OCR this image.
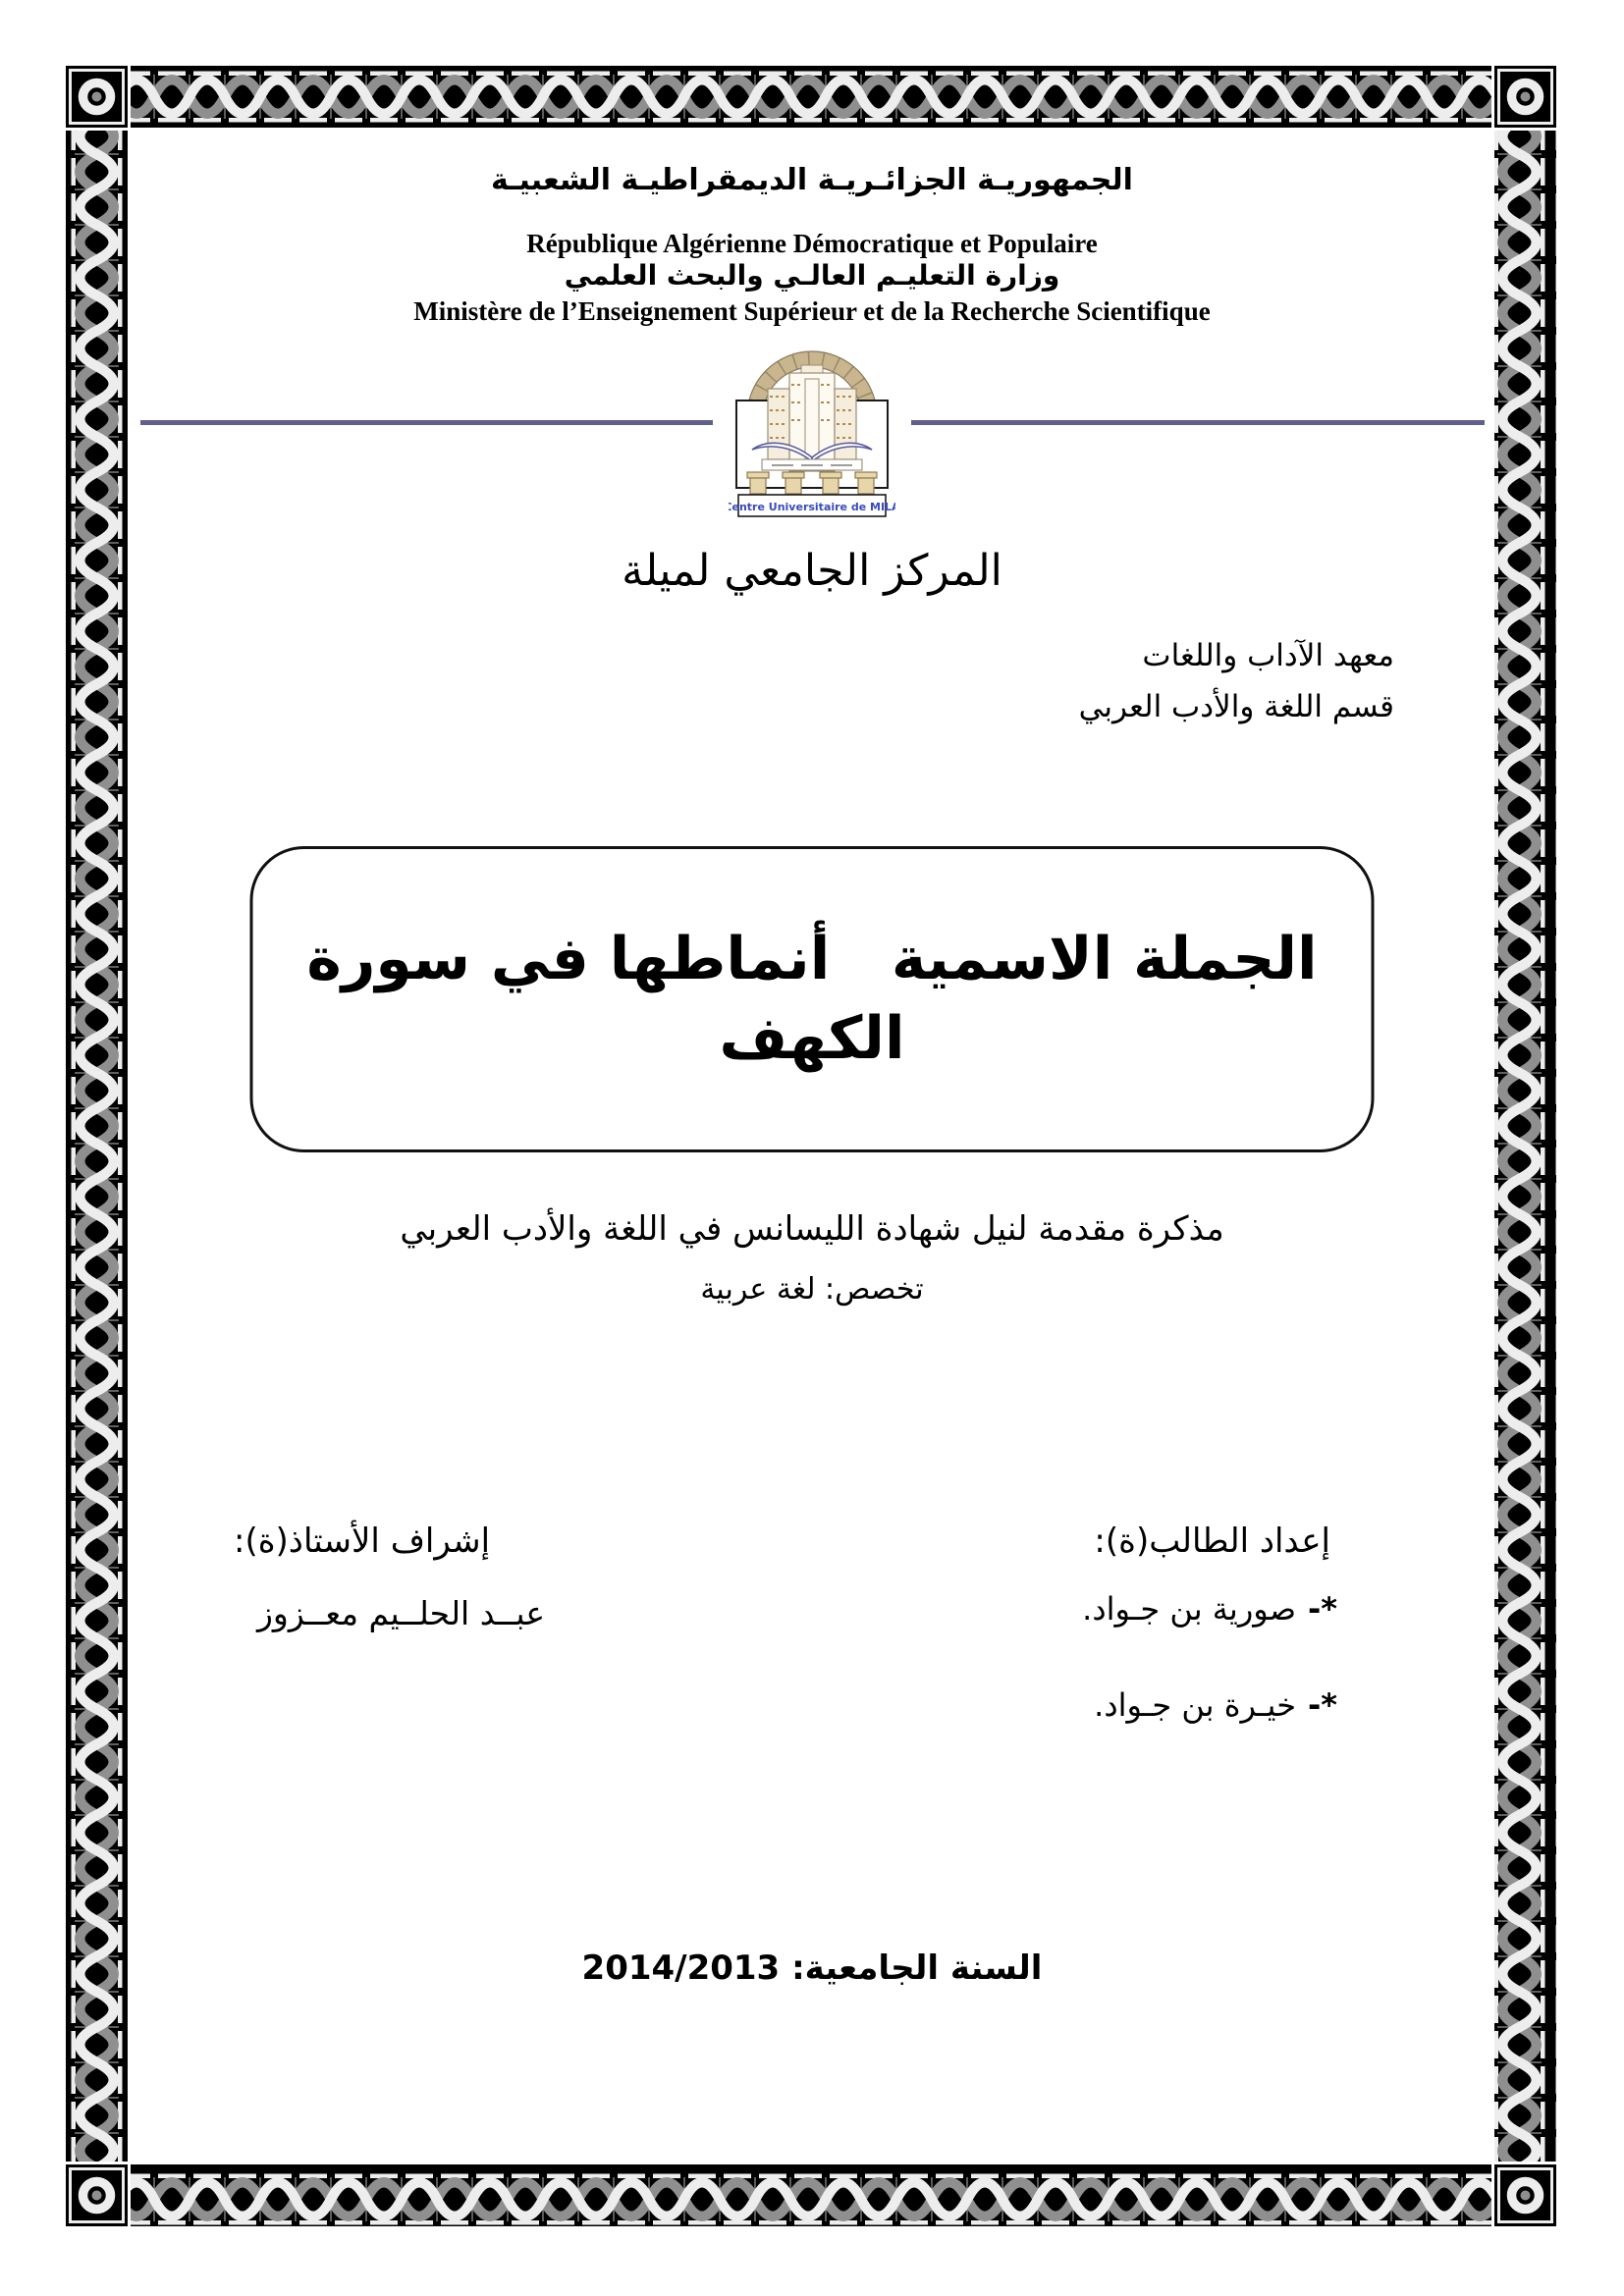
الجمهوريـة الجزائـريـة الديمقراطيـة الشعبيـة
République Algérienne Démocratique et Populaire
وزارة التعليـم العالـي والبحث العلمي
Ministère de l’Enseignement Supérieur et de la Recherche Scientifique
Centre Universitaire de MILA
المركز الجامعي لميلة
معهد الآداب واللغات
قسم اللغة والأدب العربي
الجملة الاسمية   أنماطها في سورة
الكهف
مذكرة مقدمة لنيل شهادة الليسانس في اللغة والأدب العربي
تخصص: لغة عربية
إعداد الطالب(ة):
*-صورية بن جـواد.
*-خيـرة بن جـواد.
إشراف الأستاذ(ة):
عبــد الحلــيم معــزوز
السنة الجامعية: 2014/2013
